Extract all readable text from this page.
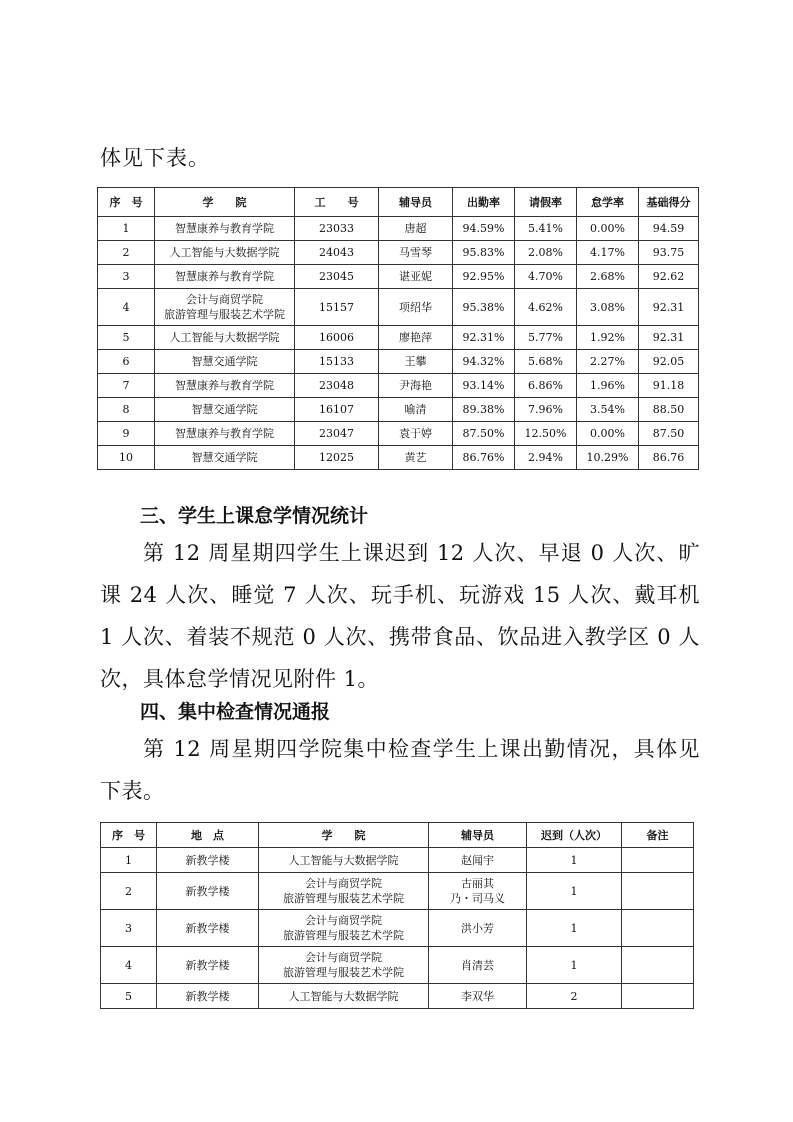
体见下表。
序　号	学　　院	工　　号	辅导员	出勤率	请假率	怠学率	基础得分
1	智慧康养与教育学院	23033	唐超	94.59%	5.41%	0.00%	94.59
2	人工智能与大数据学院	24043	马雪琴	95.83%	2.08%	4.17%	93.75
3	智慧康养与教育学院	23045	谌亚妮	92.95%	4.70%	2.68%	92.62
4	会计与商贸学院
旅游管理与服装艺术学院	15157	项绍华	95.38%	4.62%	3.08%	92.31
5	人工智能与大数据学院	16006	廖艳萍	92.31%	5.77%	1.92%	92.31
6	智慧交通学院	15133	王攀	94.32%	5.68%	2.27%	92.05
7	智慧康养与教育学院	23048	尹海艳	93.14%	6.86%	1.96%	91.18
8	智慧交通学院	16107	喻清	89.38%	7.96%	3.54%	88.50
9	智慧康养与教育学院	23047	袁于婷	87.50%	12.50%	0.00%	87.50
10	智慧交通学院	12025	黄艺	86.76%	2.94%	10.29%	86.76
三、学生上课怠学情况统计
第 12 周星期四学生上课迟到 12 人次、早退 0 人次、旷课 24 人次、睡觉 7 人次、玩手机、玩游戏 15 人次、戴耳机 1 人次、着装不规范 0 人次、携带食品、饮品进入教学区 0 人次，具体怠学情况见附件 1。
四、集中检查情况通报
第 12 周星期四学院集中检查学生上课出勤情况，具体见下表。
序　号	地　点	学　　院	辅导员	迟到（人次）	备注
1	新教学楼	人工智能与大数据学院	赵闻宇	1	
2	新教学楼	会计与商贸学院
旅游管理与服装艺术学院	古丽其
乃・司马义	1	
3	新教学楼	会计与商贸学院
旅游管理与服装艺术学院	洪小芳	1	
4	新教学楼	会计与商贸学院
旅游管理与服装艺术学院	肖清芸	1	
5	新教学楼	人工智能与大数据学院	李双华	2	
